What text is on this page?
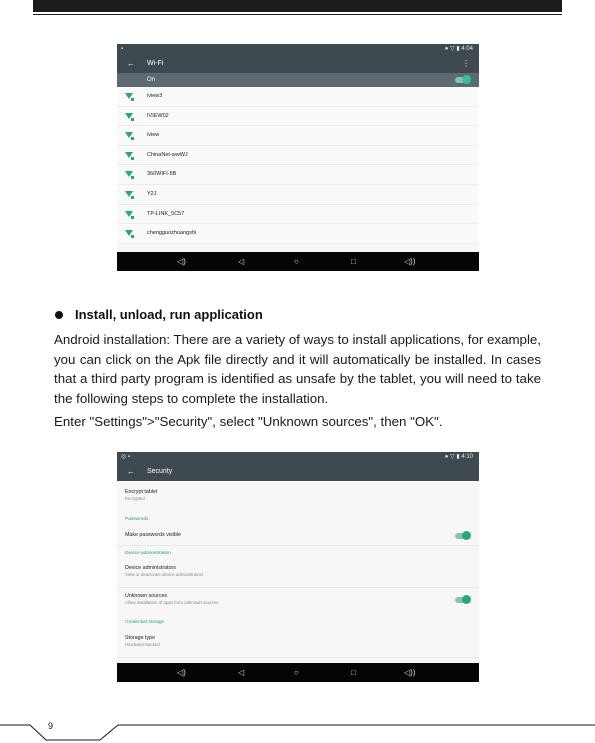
▪	● ▽ ▮ 4:04
← Wi-Fi	⋮
On
iview3
IVIEW02
iview
ChinaNet-wwWJ
360WIFI-5B
Y2J
TP-LINK_5C57
chengguozhuangshi
◁)	◁	○	□	◁))
Install, unload, run application
Android installation: There are a variety of ways to install applications, for example, you can click on the Apk file directly and it will automatically be installed. In cases that a third party program is identified as unsafe by the tablet, you will need to take the following steps to complete the installation.
Enter "Settings">"Security", select "Unknown sources", then "OK".
◎ ▪	● ▽ ▮ 4:10
← Security
Encrypt tablet
Encrypted
Passwords
Make passwords visible
Device administration
Device administrators
View or deactivate device administrators
Unknown sources
Allow installation of apps from unknown sources
Credential storage
Storage type
Hardware-backed
◁)	◁	○	□	◁))
9
